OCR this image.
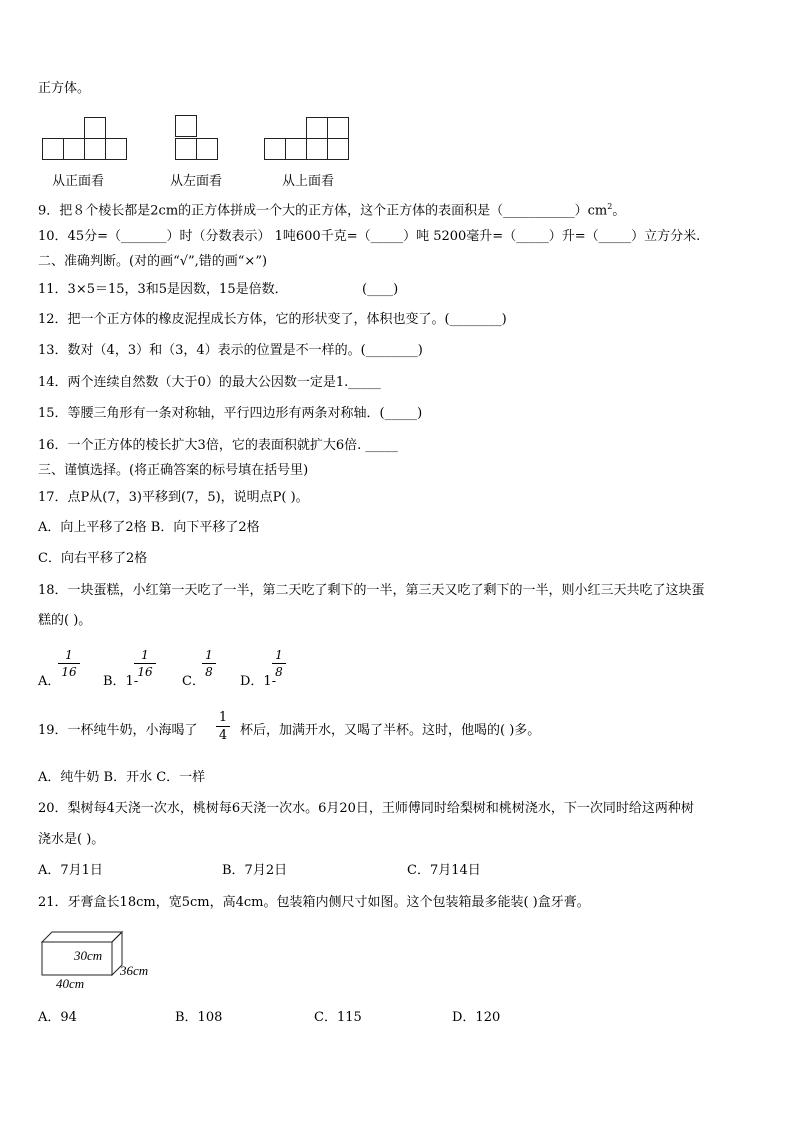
正方体。
从正面看	从左面看	从上面看
9．把８个棱长都是2cm的正方体拼成一个大的正方体，这个正方体的表面积是$(\_\_\_\_\_\_\_\_\_\_\_)cm^2$。
10．45分=（_______）时（分数表示） 1吨600千克=（_____）吨 5200毫升=（_____）升=（_____）立方分米.
二、准确判断。(对的画“√”,错的画“×”)
11．3×5＝15，3和5是因数，15是倍数．	(____)
12．把一个正方体的橡皮泥捏成长方体，它的形状变了，体积也变了。(________)
13．数对（4，3）和（3，4）表示的位置是不一样的。(________)
14．两个连续自然数（大于0）的最大公因数一定是1._____
15．等腰三角形有一条对称轴，平行四边形有两条对称轴．(_____)
16．一个正方体的棱长扩大3倍，它的表面积就扩大6倍. _____
三、谨慎选择。(将正确答案的标号填在括号里)
17．点P从(7，3)平移到(7，5)，说明点P( )。
A．向上平移了2格 B．向下平移了2格
C．向右平移了2格
18．一块蛋糕，小红第一天吃了一半，第二天吃了剩下的一半，第三天又吃了剩下的一半，则小红三天共吃了这块蛋
糕的( )。
A．
1
16
B．1-
1
16
C．
1
8
D．1-
1
8
19．一杯纯牛奶，小海喝了
1
4 杯后，加满开水，又喝了半杯。这时，他喝的( )多。
A．纯牛奶 B．开水 C．一样
20．梨树每4天浇一次水，桃树每6天浇一次水。6月20日，王师傅同时给梨树和桃树浇水，下一次同时给这两种树
浇水是( )。
A．7月1日	B．7月2日	C．7月14日
21．牙膏盒长18cm，宽5cm，高4cm。包装箱内侧尺寸如图。这个包装箱最多能装( )盒牙膏。
30cm
36cm
40cm
A．94	B．108	C．115	D．120
